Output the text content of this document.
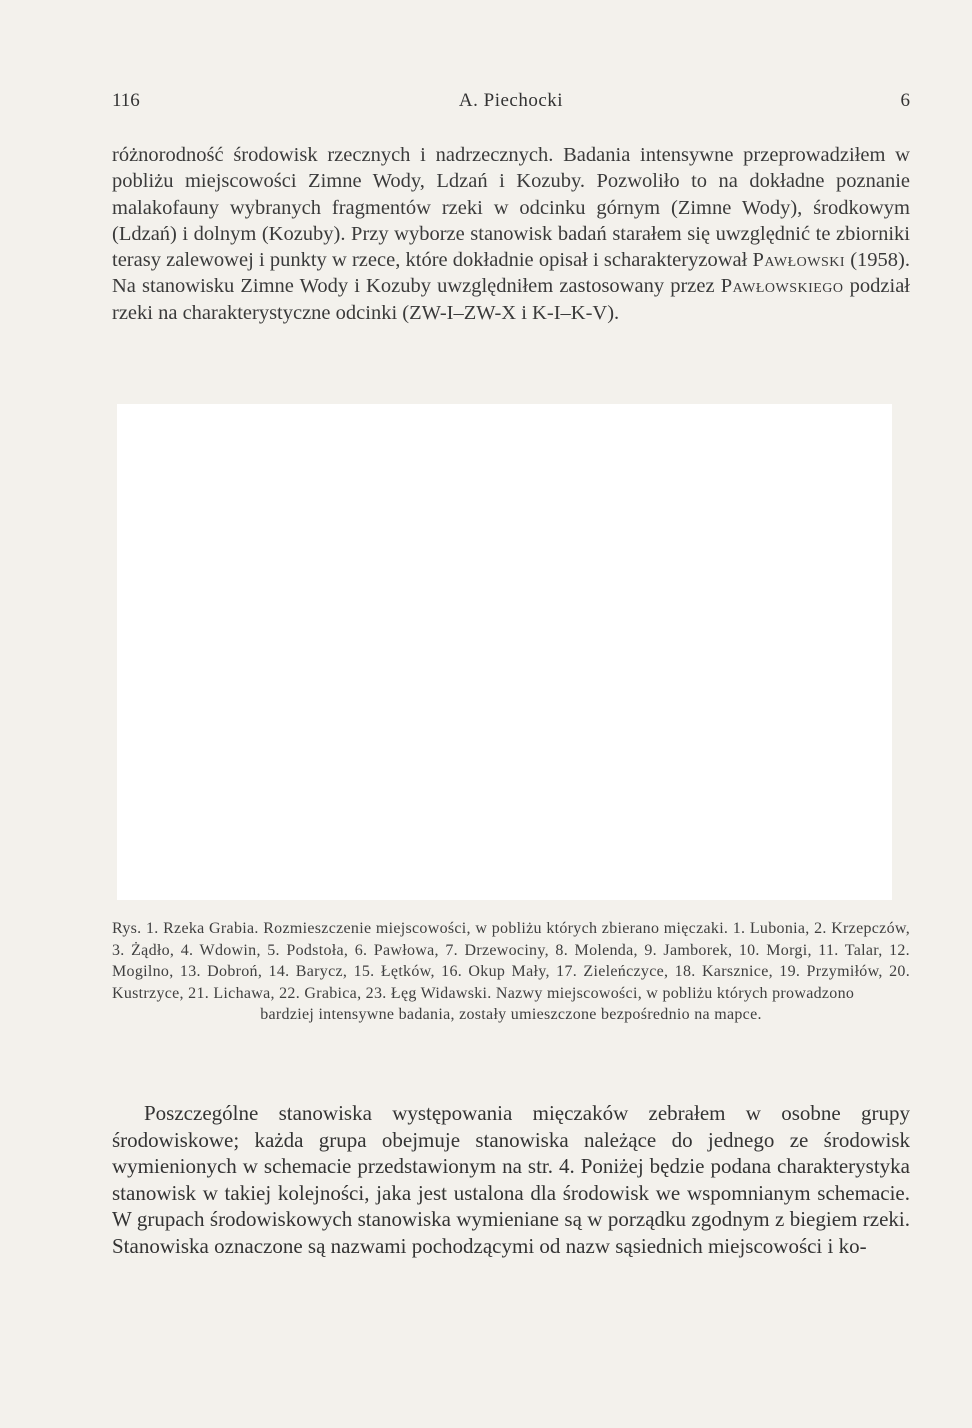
116	A. Piechocki	6

różnorodność środowisk rzecznych i nadrzecznych. Badania intensywne przeprowadziłem w pobliżu miejscowości Zimne Wody, Ldzań i Kozuby. Pozwoliło to na dokładne poznanie malakofauny wybranych fragmentów rzeki w odcinku górnym (Zimne Wody), środkowym (Ldzań) i dolnym (Kozuby). Przy wyborze stanowisk badań starałem się uwzględnić te zbiorniki terasy zalewowej i punkty w rzece, które dokładnie opisał i scharakteryzował Pawłowski (1958). Na stanowisku Zimne Wody i Kozuby uwzględniłem zastosowany przez Pawłowskiego podział rzeki na charakterystyczne odcinki (ZW-I–ZW-X i K-I–K-V).

Rys. 1. Rzeka Grabia. Rozmieszczenie miejscowości, w pobliżu których zbierano mięczaki. 1. Lubonia, 2. Krzepczów, 3. Żądło, 4. Wdowin, 5. Podstoła, 6. Pawłowa, 7. Drzewociny, 8. Molenda, 9. Jamborek, 10. Morgi, 11. Talar, 12. Mogilno, 13. Dobroń, 14. Barycz, 15. Łętków, 16. Okup Mały, 17. Zieleńczyce, 18. Karsznice, 19. Przymiłów, 20. Kustrzyce, 21. Lichawa, 22. Grabica, 23. Łęg Widawski. Nazwy miejscowości, w pobliżu których prowadzono

bardziej intensywne badania, zostały umieszczone bezpośrednio na mapce.

Poszczególne stanowiska występowania mięczaków zebrałem w osobne grupy środowiskowe; każda grupa obejmuje stanowiska należące do jednego ze środowisk wymienionych w schemacie przedstawionym na str. 4. Poniżej będzie podana charakterystyka stanowisk w takiej kolejności, jaka jest ustalona dla środowisk we wspomnianym schemacie. W grupach środowiskowych stanowiska wymieniane są w porządku zgodnym z biegiem rzeki. Stanowiska oznaczone są nazwami pochodzącymi od nazw sąsiednich miejscowości i ko-
